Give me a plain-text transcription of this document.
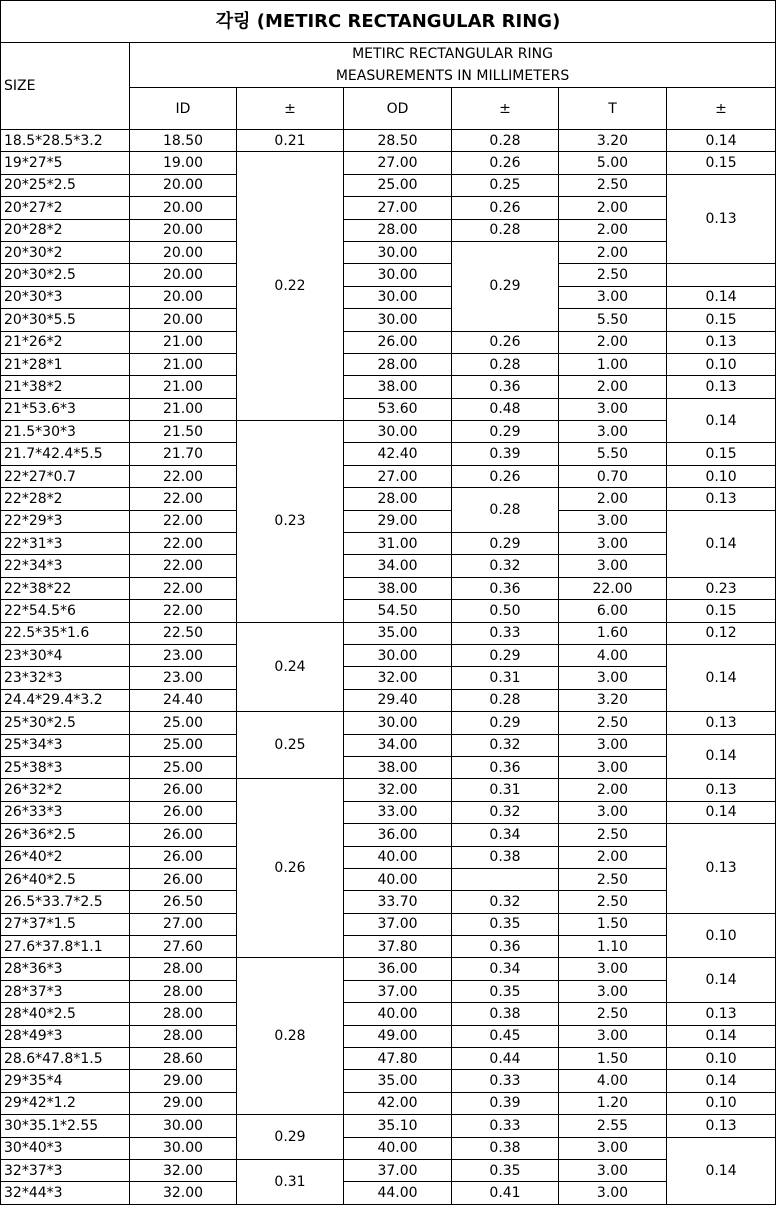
각링 (METIRC RECTANGULAR RING)						
SIZE	METIRC RECTANGULAR RING
MEASUREMENTS IN MILLIMETERS					

	ID	±	OD	±	T	±
18.5*28.5*3.2	18.50	0.21	28.50	0.28	3.20	0.14
19*27*5	19.00	0.22	27.00	0.26	5.00	0.15
20*25*2.5	20.00		25.00	0.25	2.50	0.13
20*27*2	20.00		27.00	0.26	2.00	
20*28*2	20.00		28.00	0.28	2.00	
20*30*2	20.00		30.00	0.29	2.00	
20*30*2.5	20.00		30.00		2.50	
20*30*3	20.00		30.00		3.00	0.14
20*30*5.5	20.00		30.00		5.50	0.15
21*26*2	21.00		26.00	0.26	2.00	0.13
21*28*1	21.00		28.00	0.28	1.00	0.10
21*38*2	21.00		38.00	0.36	2.00	0.13
21*53.6*3	21.00		53.60	0.48	3.00	0.14
21.5*30*3	21.50	0.23	30.00	0.29	3.00	
21.7*42.4*5.5	21.70		42.40	0.39	5.50	0.15
22*27*0.7	22.00		27.00	0.26	0.70	0.10
22*28*2	22.00		28.00	0.28	2.00	0.13
22*29*3	22.00		29.00		3.00	0.14
22*31*3	22.00		31.00	0.29	3.00	
22*34*3	22.00		34.00	0.32	3.00	
22*38*22	22.00		38.00	0.36	22.00	0.23
22*54.5*6	22.00		54.50	0.50	6.00	0.15
22.5*35*1.6	22.50	0.24	35.00	0.33	1.60	0.12
23*30*4	23.00		30.00	0.29	4.00	0.14
23*32*3	23.00		32.00	0.31	3.00	
24.4*29.4*3.2	24.40		29.40	0.28	3.20	
25*30*2.5	25.00	0.25	30.00	0.29	2.50	0.13
25*34*3	25.00		34.00	0.32	3.00	0.14
25*38*3	25.00		38.00	0.36	3.00	
26*32*2	26.00	0.26	32.00	0.31	2.00	0.13
26*33*3	26.00		33.00	0.32	3.00	0.14
26*36*2.5	26.00		36.00	0.34	2.50	0.13
26*40*2	26.00		40.00	0.38	2.00	
26*40*2.5	26.00		40.00		2.50	
26.5*33.7*2.5	26.50		33.70	0.32	2.50	
27*37*1.5	27.00		37.00	0.35	1.50	0.10
27.6*37.8*1.1	27.60		37.80	0.36	1.10	
28*36*3	28.00	0.28	36.00	0.34	3.00	0.14
28*37*3	28.00		37.00	0.35	3.00	
28*40*2.5	28.00		40.00	0.38	2.50	0.13
28*49*3	28.00		49.00	0.45	3.00	0.14
28.6*47.8*1.5	28.60		47.80	0.44	1.50	0.10
29*35*4	29.00		35.00	0.33	4.00	0.14
29*42*1.2	29.00		42.00	0.39	1.20	0.10
30*35.1*2.55	30.00	0.29	35.10	0.33	2.55	0.13
30*40*3	30.00		40.00	0.38	3.00	0.14
32*37*3	32.00	0.31	37.00	0.35	3.00	
32*44*3	32.00		44.00	0.41	3.00	
